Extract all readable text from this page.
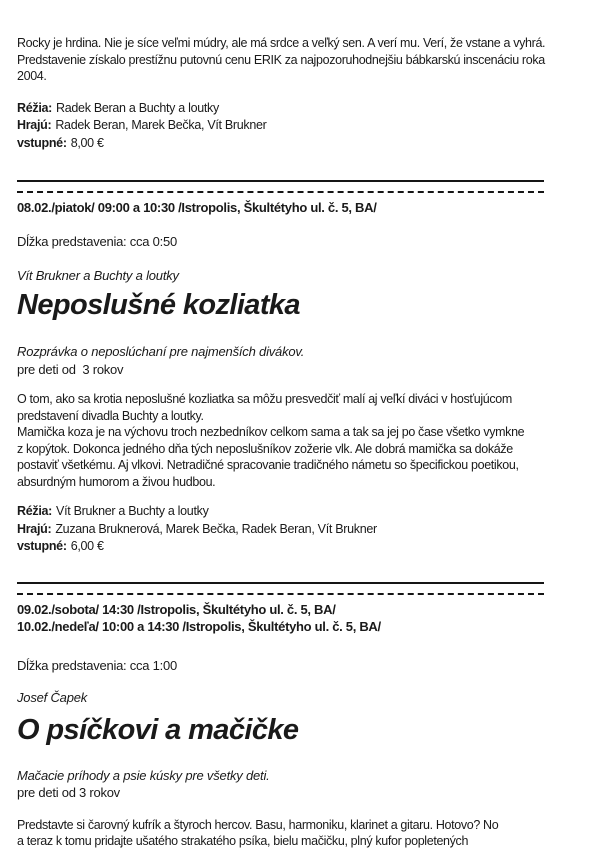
Rocky je hrdina. Nie je síce veľmi múdry, ale má srdce a veľký sen. A verí mu. Verí, že vstane a vyhrá.
Predstavenie získalo prestížnu putovnú cenu ERIK za najpozoruhodnejšiu bábkarskú inscenáciu roka
2004.
Réžia: Radek Beran a Buchty a loutky
Hrajú: Radek Beran, Marek Bečka, Vít Brukner
vstupné: 8,00 €
08.02./piatok/ 09:00 a 10:30 /Istropolis, Škultétyho ul. č. 5, BA/
Dĺžka predstavenia: cca 0:50
Vít Brukner a Buchty a loutky
Neposlušné kozliatka
Rozprávka o neposlúchaní pre najmenších divákov.
pre deti od  3 rokov
O tom, ako sa krotia neposlušné kozliatka sa môžu presvedčiť malí aj veľkí diváci v hosťujúcom
predstavení divadla Buchty a loutky.
Mamička koza je na výchovu troch nezbedníkov celkom sama a tak sa jej po čase všetko vymkne
z kopýtok. Dokonca jedného dňa tých neposlušníkov zožerie vlk. Ale dobrá mamička sa dokáže
postaviť všetkému. Aj vlkovi. Netradičné spracovanie tradičného námetu so špecifickou poetikou,
absurdným humorom a živou hudbou.
Réžia: Vít Brukner a Buchty a loutky
Hrajú: Zuzana Bruknerová, Marek Bečka, Radek Beran, Vít Brukner
vstupné: 6,00 €
09.02./sobota/ 14:30 /Istropolis, Škultétyho ul. č. 5, BA/
10.02./nedeľa/ 10:00 a 14:30 /Istropolis, Škultétyho ul. č. 5, BA/
Dĺžka predstavenia: cca 1:00
Josef Čapek
O psíčkovi a mačičke
Mačacie príhody a psie kúsky pre všetky deti.
pre deti od 3 rokov
Predstavte si čarovný kufrík a štyroch hercov. Basu, harmoniku, klarinet a gitaru. Hotovo? No
a teraz k tomu pridajte ušatého strakatého psíka, bielu mačičku, plný kufor popletených
